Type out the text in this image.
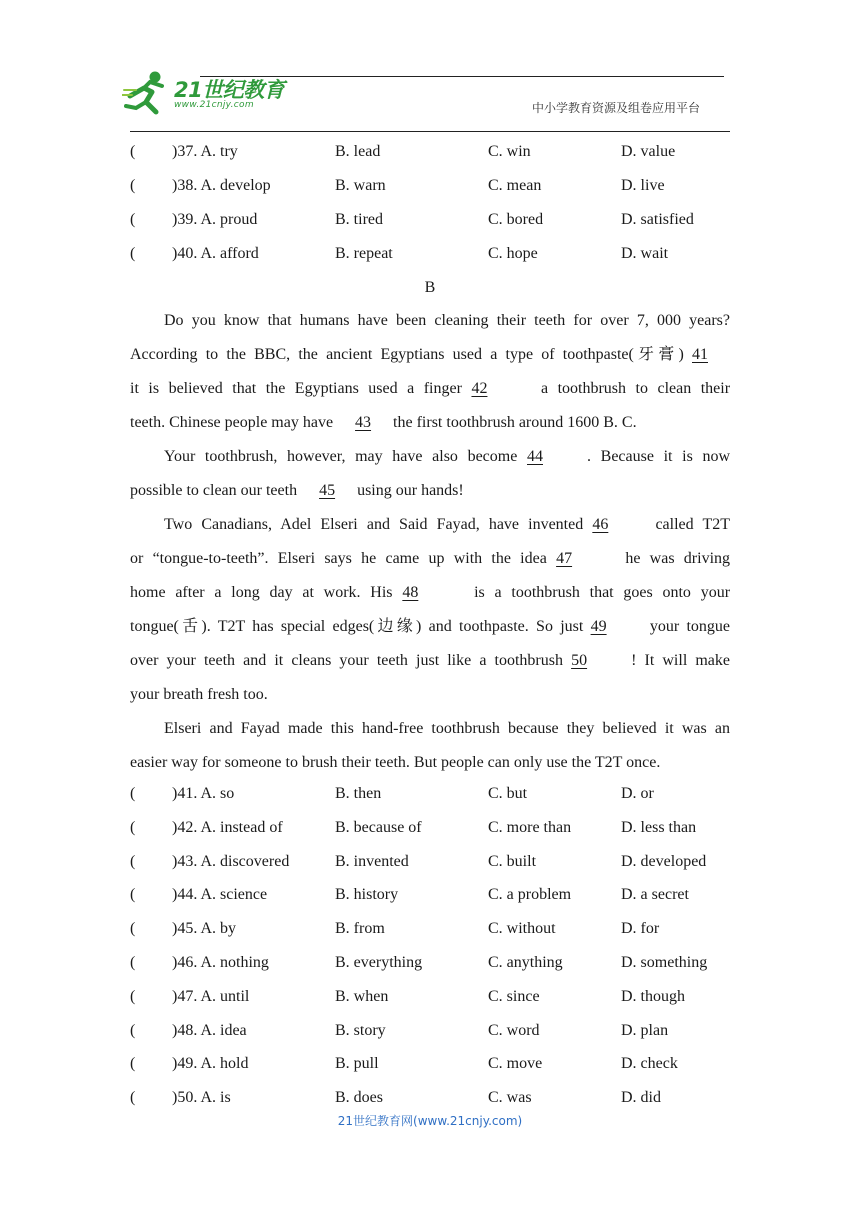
21世纪教育
www.21cnjy.com	中小学教育资源及组卷应用平台
( )37. A. try	B. lead	C. win	D. value
( )38. A. develop	B. warn	C. mean	D. live
( )39. A. proud	B. tired	C. bored	D. satisfied
( )40. A. afford	B. repeat	C. hope	D. wait
B
Do you know that humans have been cleaning their teeth for over 7, 000 years?
According to the BBC, the ancient Egyptians used a type of toothpaste(牙膏) 41
it is believed that the Egyptians used a finger 42	a toothbrush to clean their
teeth. Chinese people may have 43 the first toothbrush around 1600 B. C.
Your toothbrush, however, may have also become 44	. Because it is now
possible to clean our teeth 45 using our hands!
Two Canadians, Adel Elseri and Said Fayad, have invented 46	called T2T
or “tongue-to-teeth”. Elseri says he came up with the idea 47	he was driving
home after a long day at work. His 48	is a toothbrush that goes onto your
tongue(舌). T2T has special edges(边缘) and toothpaste. So just 49	your tongue
over your teeth and it cleans your teeth just like a toothbrush 50	! It will make
your breath fresh too.
Elseri and Fayad made this hand-free toothbrush because they believed it was an
easier way for someone to brush their teeth. But people can only use the T2T once.
( )41. A. so	B. then	C. but	D. or
( )42. A. instead of	B. because of	C. more than	D. less than
( )43. A. discovered	B. invented	C. built	D. developed
( )44. A. science	B. history	C. a problem	D. a secret
( )45. A. by	B. from	C. without	D. for
( )46. A. nothing	B. everything	C. anything	D. something
( )47. A. until	B. when	C. since	D. though
( )48. A. idea	B. story	C. word	D. plan
( )49. A. hold	B. pull	C. move	D. check
( )50. A. is	B. does	C. was	D. did
21世纪教育网(www.21cnjy.com)
